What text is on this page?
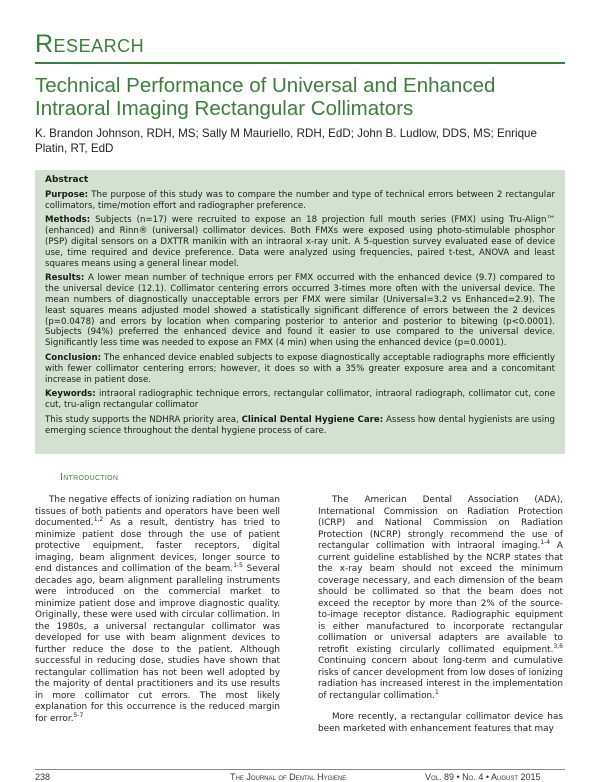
Research
Technical Performance of Universal and Enhanced Intraoral Imaging Rectangular Collimators
K. Brandon Johnson, RDH, MS; Sally M Mauriello, RDH, EdD; John B. Ludlow, DDS, MS; Enrique Platin, RT, EdD
Abstract

Purpose: The purpose of this study was to compare the number and type of technical errors between 2 rectangular collimators, time/motion effort and radiographer preference.

Methods: Subjects (n=17) were recruited to expose an 18 projection full mouth series (FMX) using Tru-Align™ (enhanced) and Rinn® (universal) collimator devices. Both FMXs were exposed using photo-stimulable phosphor (PSP) digital sensors on a DXTTR manikin with an intraoral x-ray unit. A 5-question survey evaluated ease of device use, time required and device preference. Data were analyzed using frequencies, paired t-test, ANOVA and least squares means using a general linear model.

Results: A lower mean number of technique errors per FMX occurred with the enhanced device (9.7) compared to the universal device (12.1). Collimator centering errors occurred 3-times more often with the universal device. The mean numbers of diagnostically unacceptable errors per FMX were similar (Universal=3.2 vs Enhanced=2.9). The least squares means adjusted model showed a statistically significant difference of errors between the 2 devices (p=0.0478) and errors by location when comparing posterior to anterior and posterior to bitewing (p<0.0001). Subjects (94%) preferred the enhanced device and found it easier to use compared to the universal device. Significantly less time was needed to expose an FMX (4 min) when using the enhanced device (p=0.0001).

Conclusion: The enhanced device enabled subjects to expose diagnostically acceptable radiographs more efficiently with fewer collimator centering errors; however, it does so with a 35% greater exposure area and a concomitant increase in patient dose.

Keywords: intraoral radiographic technique errors, rectangular collimator, intraoral radiograph, collimator cut, cone cut, tru-align rectangular collimator

This study supports the NDHRA priority area, Clinical Dental Hygiene Care: Assess how dental hygienists are using emerging science throughout the dental hygiene process of care.

Introduction

The negative effects of ionizing radiation on human tissues of both patients and operators have been well documented.$^{1,2}$ As a result, dentistry has tried to minimize patient dose through the use of patient protective equipment, faster receptors, digital imaging, beam alignment devices, longer source to end distances and collimation of the beam.$^{1-5}$ Several decades ago, beam alignment paralleling instruments were introduced on the commercial market to minimize patient dose and improve diagnostic quality. Originally, these were used with circular collimation. In the 1980s, a universal rectangular collimator was developed for use with beam alignment devices to further reduce the dose to the patient. Although successful in reducing dose, studies have shown that rectangular collimation has not been well adopted by the majority of dental practitioners and its use results in more collimator cut errors. The most likely explanation for this occurrence is the reduced margin for error.$^{5-7}$

The American Dental Association (ADA), International Commission on Radiation Protection (ICRP) and National Commission on Radiation Protection (NCRP) strongly recommend the use of rectangular collimation with intraoral imaging.$^{1-4}$ A current guideline established by the NCRP states that the x-ray beam should not exceed the minimum coverage necessary, and each dimension of the beam should be collimated so that the beam does not exceed the receptor by more than 2% of the source-to-image receptor distance. Radiographic equipment is either manufactured to incorporate rectangular collimation or universal adapters are available to retrofit existing circularly collimated equipment.$^{3,6}$ Continuing concern about long-term and cumulative risks of cancer development from low doses of ionizing radiation has increased interest in the implementation of rectangular collimation.$^1$

More recently, a rectangular collimator device has been marketed with enhancement features that may

238	The Journal of Dental Hygiene	Vol. 89 • No. 4 • August 2015
